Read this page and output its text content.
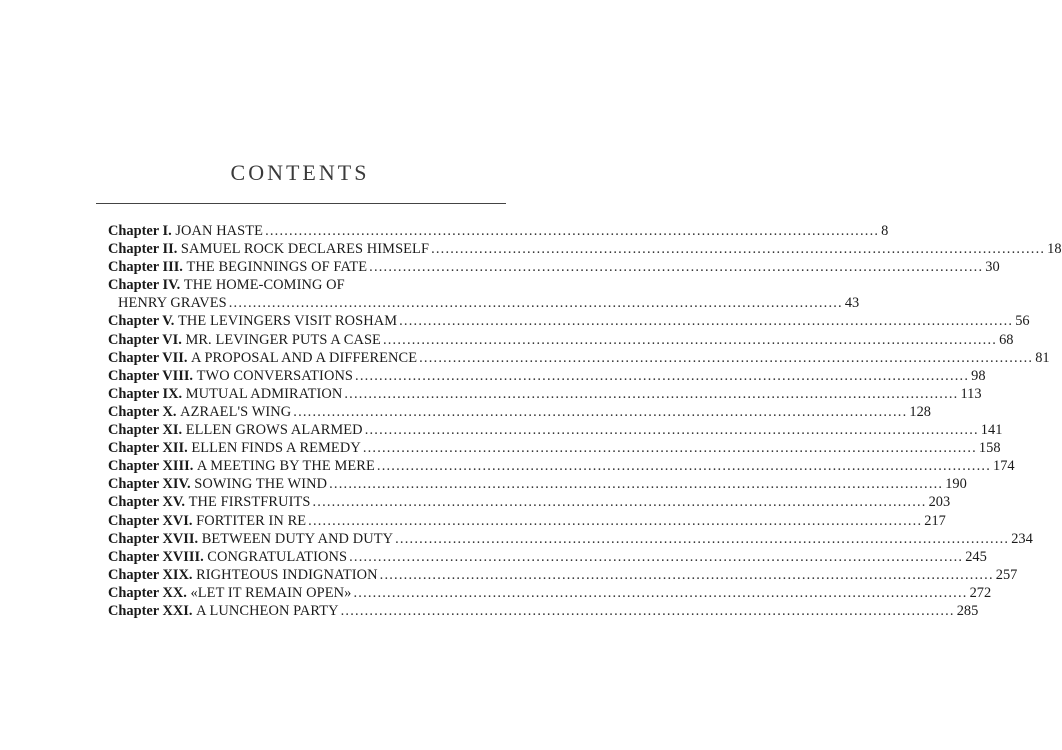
CONTENTS
Chapter I. JOAN HASTE .....	8
Chapter II. SAMUEL ROCK DECLARES HIMSELF .....	18
Chapter III. THE BEGINNINGS OF FATE .....	30
Chapter IV. THE HOME-COMING OF
HENRY GRAVES .....	43
Chapter V. THE LEVINGERS VISIT ROSHAM .....	56
Chapter VI. MR. LEVINGER PUTS A CASE .....	68
Chapter VII. A PROPOSAL AND A DIFFERENCE .....	81
Chapter VIII. TWO CONVERSATIONS .....	98
Chapter IX. MUTUAL ADMIRATION .....	113
Chapter X. AZRAEL'S WING .....	128
Chapter XI. ELLEN GROWS ALARMED .....	141
Chapter XII. ELLEN FINDS A REMEDY .....	158
Chapter XIII. A MEETING BY THE MERE .....	174
Chapter XIV. SOWING THE WIND .....	190
Chapter XV. THE FIRSTFRUITS .....	203
Chapter XVI. FORTITER IN RE .....	217
Chapter XVII. BETWEEN DUTY AND DUTY .....	234
Chapter XVIII. CONGRATULATIONS .....	245
Chapter XIX. RIGHTEOUS INDIGNATION .....	257
Chapter XX. «LET IT REMAIN OPEN» .....	272
Chapter XXI. A LUNCHEON PARTY .....	285
